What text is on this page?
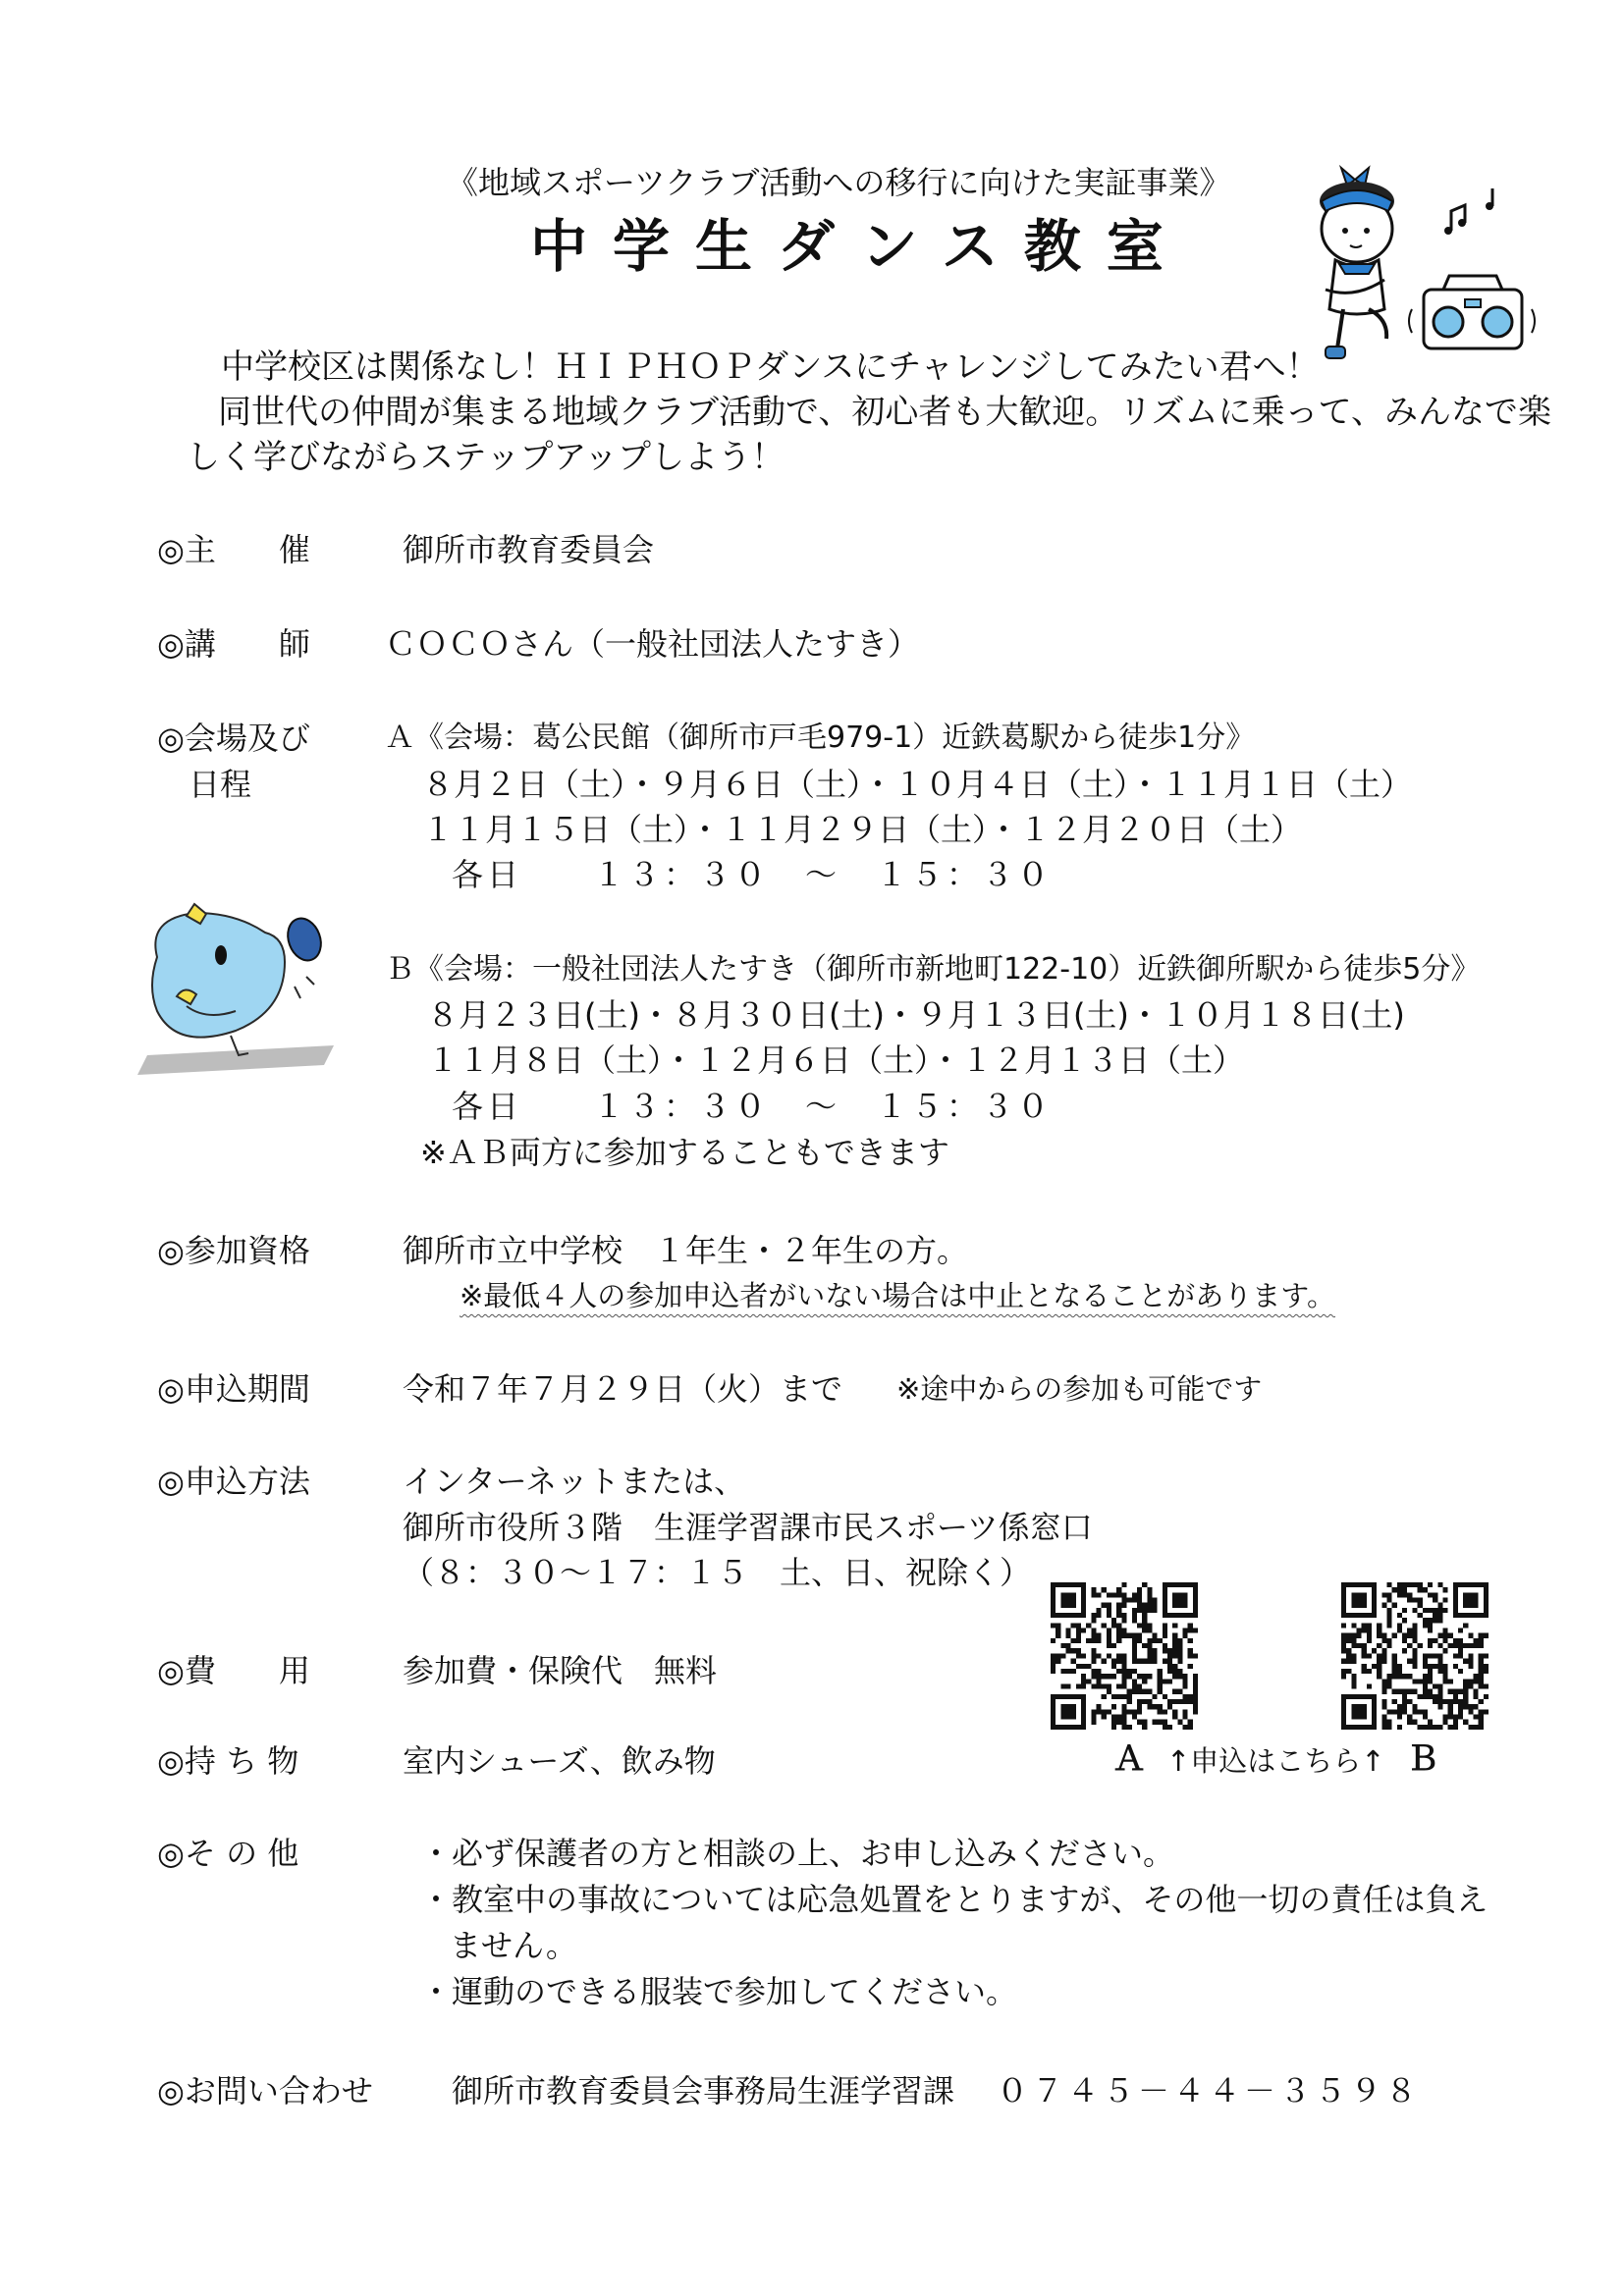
《地域スポーツクラブ活動への移行に向けた実証事業》
中学生ダンス教室
中学校区は関係なし！ＨＩＰＨＯＰダンスにチャレンジしてみたい君へ！
同世代の仲間が集まる地域クラブ活動で、初心者も大歓迎。リズムに乗って、みんなで楽
しく学びながらステップアップしよう！
◎主　　催	御所市教育委員会
◎講　　師 ＣＯＣＯさん（一般社団法人たすき）
◎会場及び
日程
Ａ《会場：葛公民館（御所市戸毛979-1）近鉄葛駅から徒歩1分》
８月２日（土）・９月６日（土）・１０月４日（土）・１１月１日（土）
１１月１５日（土）・１１月２９日（土）・１２月２０日（土）
各日　　１３：３０　～　１５：３０
Ｂ《会場：一般社団法人たすき（御所市新地町122-10）近鉄御所駅から徒歩5分》
８月２３日(土)・８月３０日(土)・９月１３日(土)・１０月１８日(土)
１１月８日（土）・１２月６日（土）・１２月１３日（土）
各日　　１３：３０　～　１５：３０
※ＡＢ両方に参加することもできます
◎参加資格	御所市立中学校　１年生・２年生の方。
※最低４人の参加申込者がいない場合は中止となることがあります。
◎申込期間	令和７年７月２９日（火）まで ※途中からの参加も可能です
◎申込方法	インターネットまたは、
御所市役所３階　生涯学習課市民スポーツ係窓口
（８：３０～１７：１５　土、日、祝除く）
Ａ ↑申込はこちら↑ Ｂ
◎費　　用	参加費・保険代　無料
◎持 ち 物	室内シューズ、飲み物
◎そ の 他	・必ず保護者の方と相談の上、お申し込みください。
・教室中の事故については応急処置をとりますが、その他一切の責任は負え
ません。
・運動のできる服装で参加してください。
◎お問い合わせ	御所市教育委員会事務局生涯学習課 ０７４５－４４－３５９８
